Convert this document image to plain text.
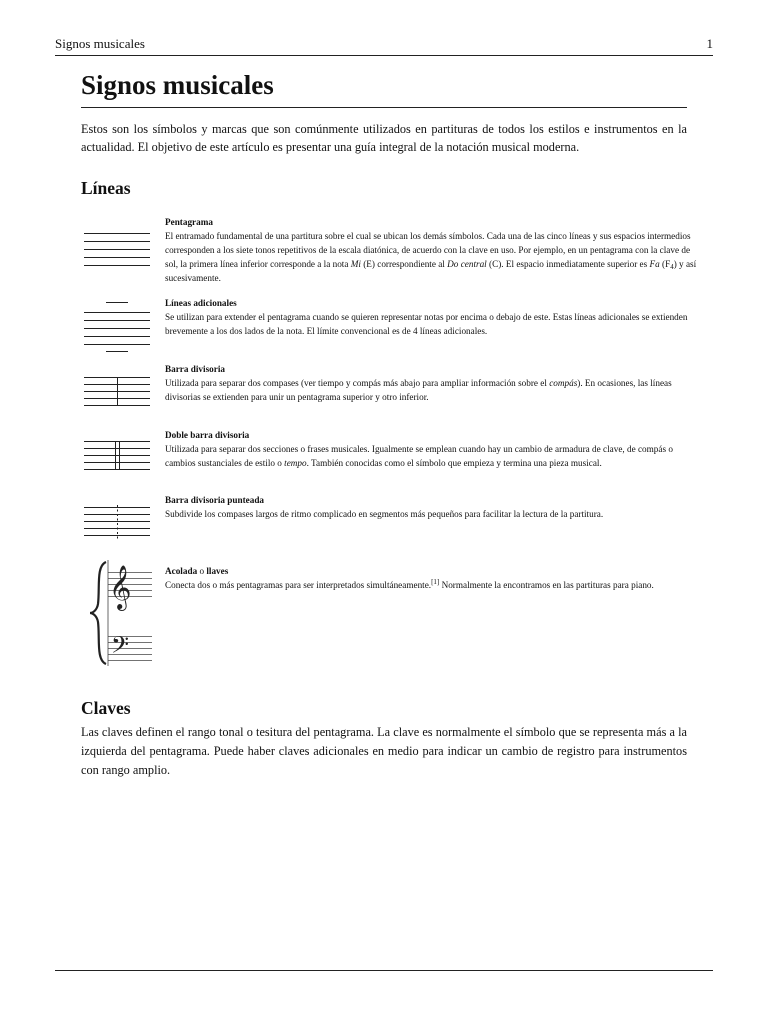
Signos musicales	1
Signos musicales

Estos son los símbolos y marcas que son comúnmente utilizados en partituras de todos los estilos e instrumentos en la actualidad. El objetivo de este artículo es presentar una guía integral de la notación musical moderna.

Líneas
Pentagrama
El entramado fundamental de una partitura sobre el cual se ubican los demás símbolos. Cada una de las cinco líneas y sus espacios intermedios corresponden a los siete tonos repetitivos de la escala diatónica, de acuerdo con la clave en uso. Por ejemplo, en un pentagrama con la clave de sol, la primera línea inferior corresponde a la nota Mi (E) correspondiente al Do central (C). El espacio inmediatamente superior es Fa $(F_4)$ y así sucesivamente.
Líneas adicionales
Se utilizan para extender el pentagrama cuando se quieren representar notas por encima o debajo de este. Estas líneas adicionales se extienden brevemente a los dos lados de la nota. El límite convencional es de 4 líneas adicionales.
Barra divisoria
Utilizada para separar dos compases (ver tiempo y compás más abajo para ampliar información sobre el compás). En ocasiones, las líneas divisorias se extienden para unir un pentagrama superior y otro inferior.
Doble barra divisoria
Utilizada para separar dos secciones o frases musicales. Igualmente se emplean cuando hay un cambio de armadura de clave, de compás o cambios sustanciales de estilo o tempo. También conocidas como el símbolo que empieza y termina una pieza musical.
Barra divisoria punteada
Subdivide los compases largos de ritmo complicado en segmentos más pequeños para facilitar la lectura de la partitura.
𝄞
𝄢
Acolada o llaves
Conecta dos o más pentagramas para ser interpretados simultáneamente.[1] Normalmente la encontramos en las partituras para piano.
Claves

Las claves definen el rango tonal o tesitura del pentagrama. La clave es normalmente el símbolo que se representa más a la izquierda del pentagrama. Puede haber claves adicionales en medio para indicar un cambio de registro para instrumentos con rango amplio.
